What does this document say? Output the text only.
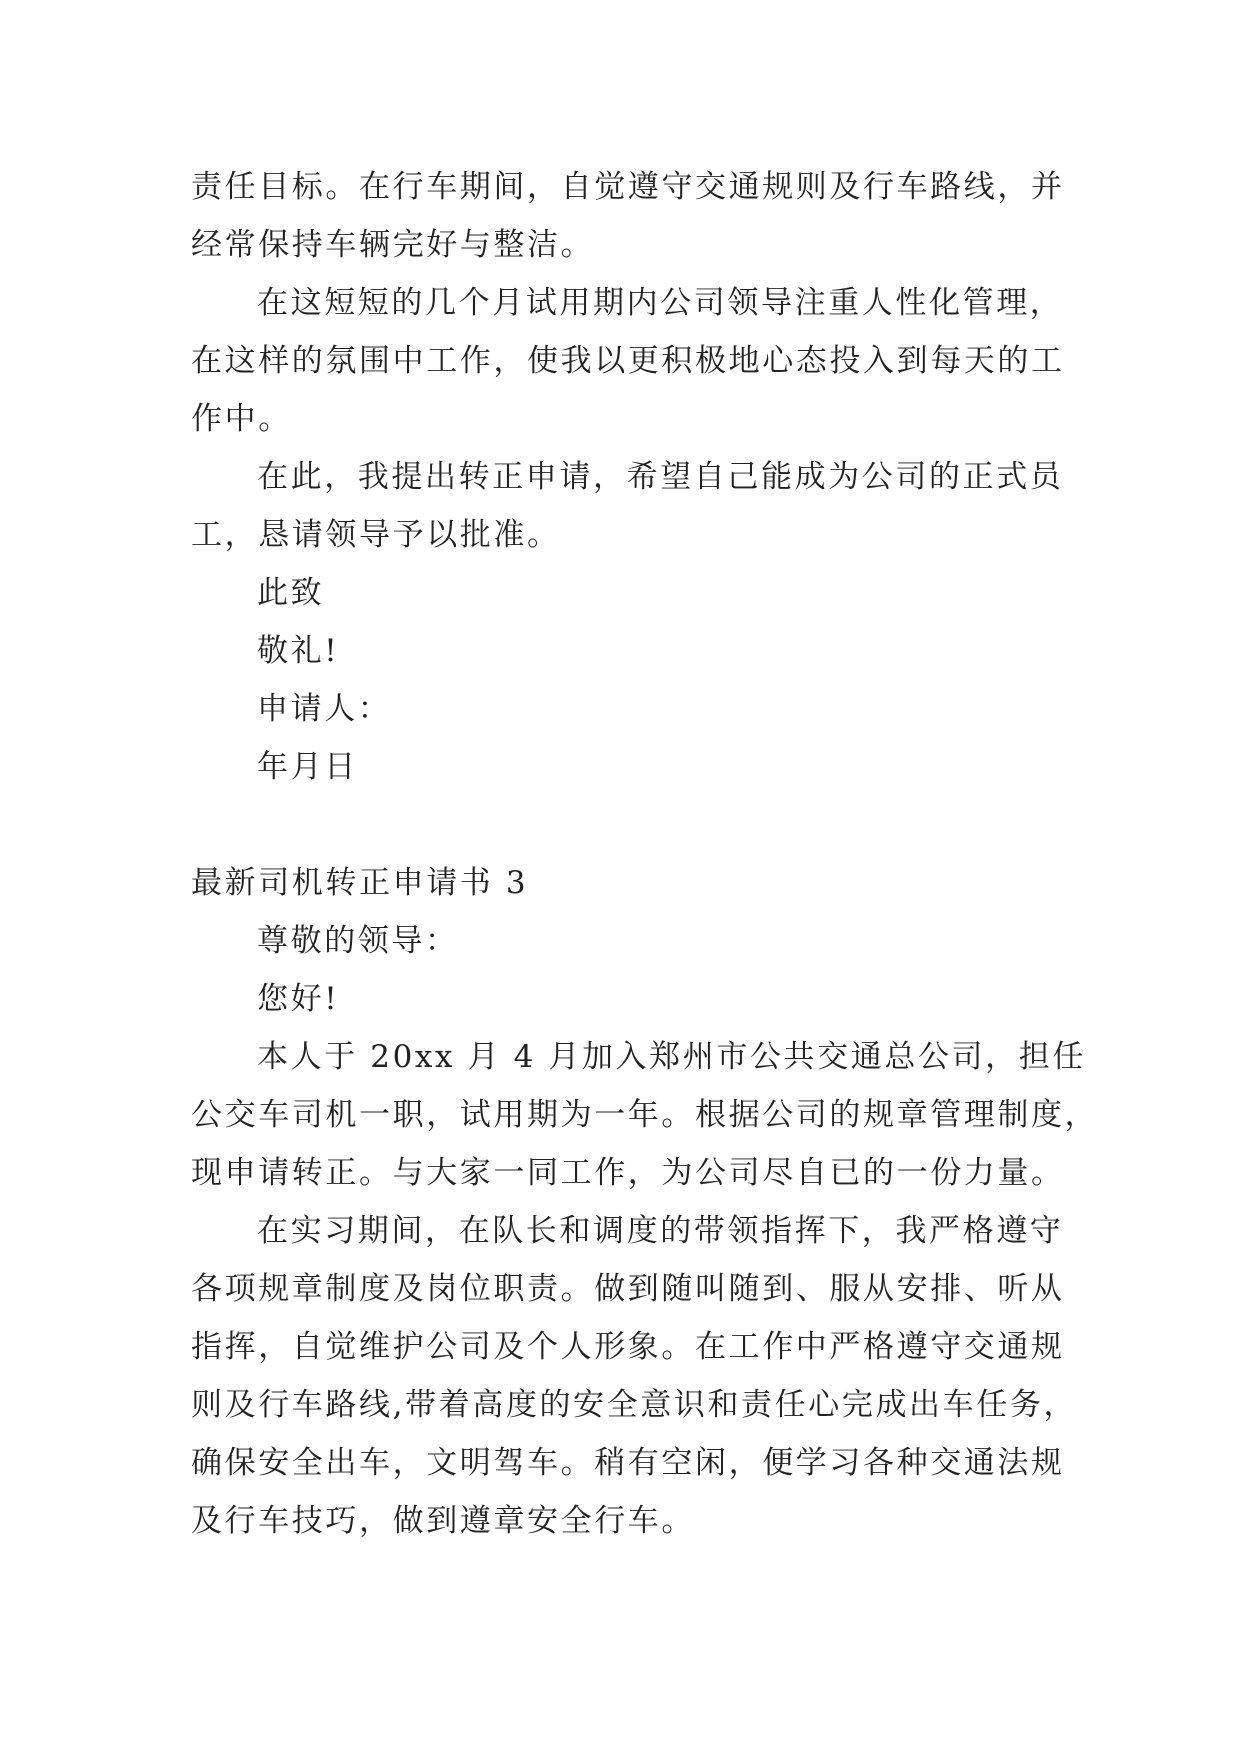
责任目标。在行车期间，自觉遵守交通规则及行车路线，并
经常保持车辆完好与整洁。
在这短短的几个月试用期内公司领导注重人性化管理，
在这样的氛围中工作，使我以更积极地心态投入到每天的工
作中。
在此，我提出转正申请，希望自己能成为公司的正式员
工，恳请领导予以批准。
此致
敬礼!
申请人：
年月日
最新司机转正申请书 3
尊敬的领导：
您好!
本人于 20xx 月 4 月加入郑州市公共交通总公司，担任
公交车司机一职，试用期为一年。根据公司的规章管理制度，
现申请转正。与大家一同工作，为公司尽自已的一份力量。
在实习期间，在队长和调度的带领指挥下，我严格遵守
各项规章制度及岗位职责。做到随叫随到、服从安排、听从
指挥，自觉维护公司及个人形象。在工作中严格遵守交通规
则及行车路线,带着高度的安全意识和责任心完成出车任务，
确保安全出车，文明驾车。稍有空闲，便学习各种交通法规
及行车技巧，做到遵章安全行车。
